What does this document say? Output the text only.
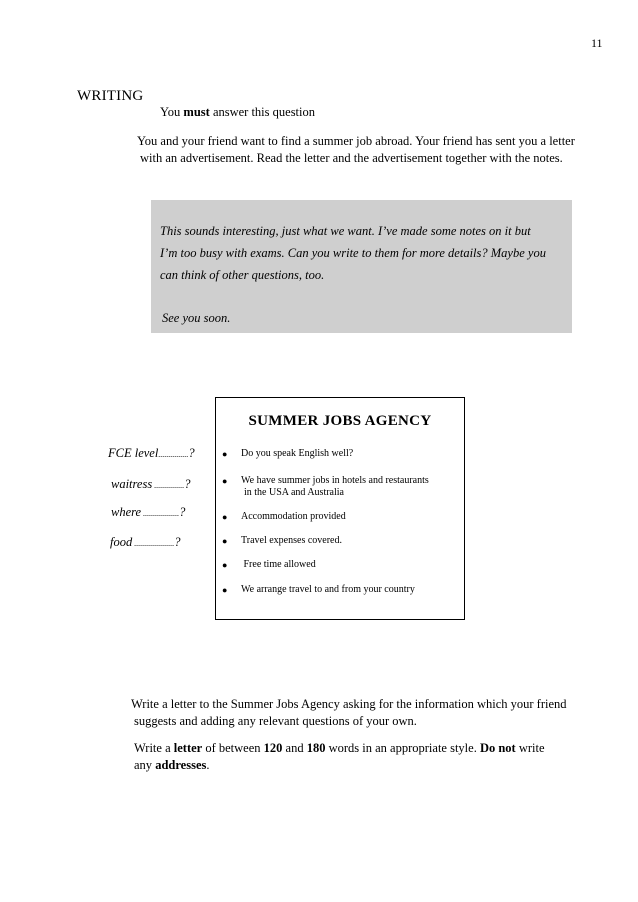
11
WRITING
You must answer this question
You and your friend want to find a summer job abroad. Your friend has sent you a letter
with an advertisement. Read the letter and the advertisement together with the notes.
This sounds interesting, just what we want. I’ve made some notes on it but
I’m too busy with exams. Can you write to them for more details? Maybe you
can think of other questions, too.
See you soon.
FCE level...............?
waitress ...............?
where ..................?
food ....................?
SUMMER JOBS AGENCY
● Do you speak English well?
● We have summer jobs in hotels and restaurants
in the USA and Australia
● Accommodation provided
● Travel expenses covered.
● Free time allowed
● We arrange travel to and from your country
Write a letter to the Summer Jobs Agency asking for the information which your friend
suggests and adding any relevant questions of your own.
Write a letter of between 120 and 180 words in an appropriate style. Do not write
any addresses.
